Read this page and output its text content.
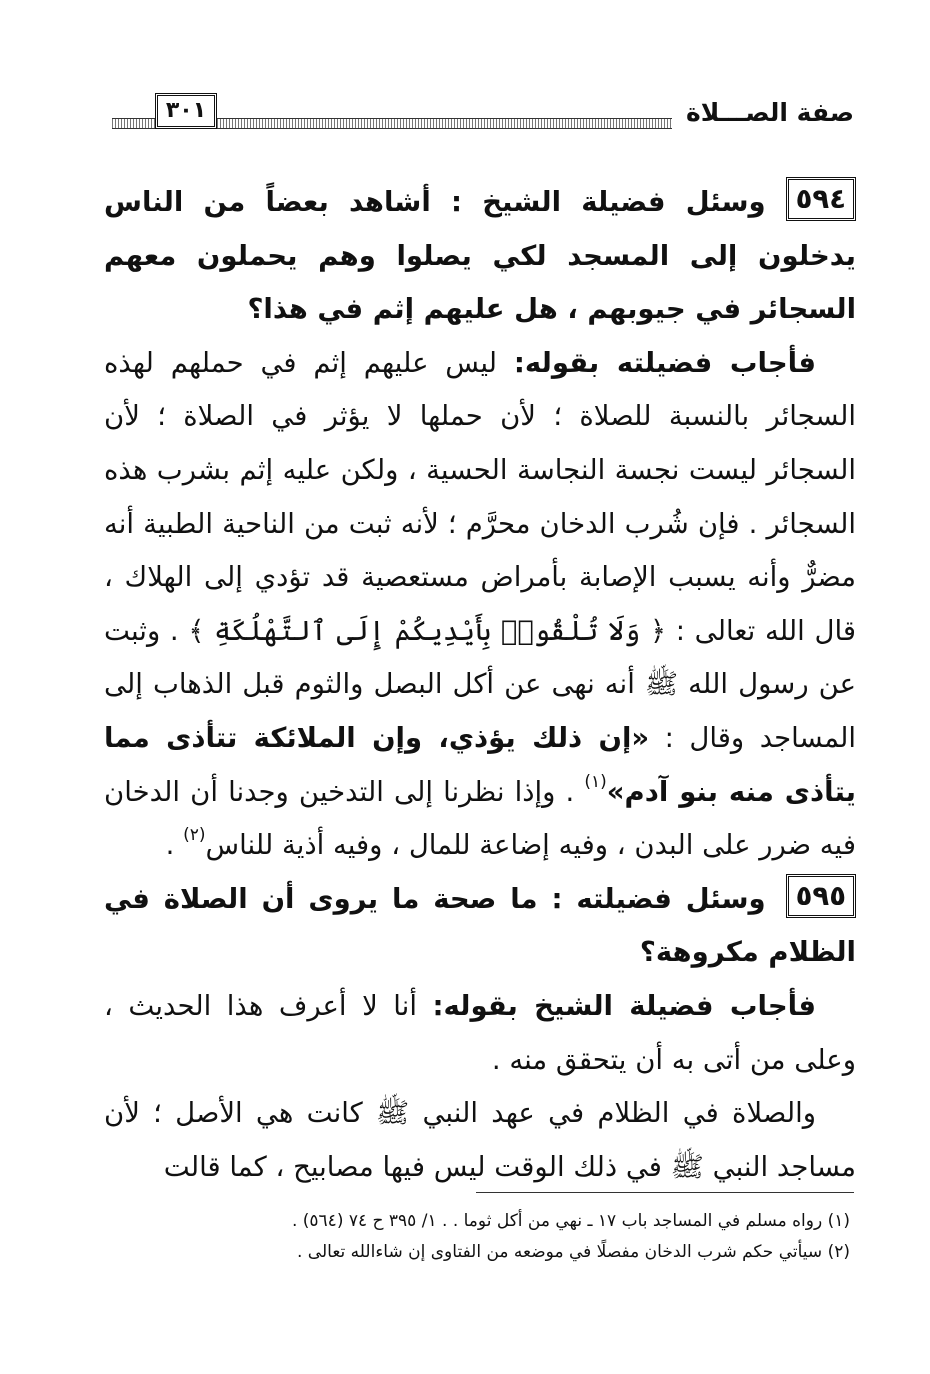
صفة الصـــلاة
٣٠١

٥٩٤وسئل فضيلة الشيخ : أشاهد بعضاً من الناس يدخلون إلى المسجد لكي يصلوا وهم يحملون معهم السجائر في جيوبهم ، هل عليهم إثم في هذا؟

فأجاب فضيلته بقوله: ليس عليهم إثم في حملهم لهذه السجائر بالنسبة للصلاة ؛ لأن حملها لا يؤثر في الصلاة ؛ لأن السجائر ليست نجسة النجاسة الحسية ، ولكن عليه إثم بشرب هذه السجائر . فإن شُرب الدخان محرَّم ؛ لأنه ثبت من الناحية الطبية أنه مضرٌّ وأنه يسبب الإصابة بأمراض مستعصية قد تؤدي إلى الهلاك ، قال الله تعالى : ﴿ وَلَا تُلْقُوا۟ بِأَيْدِيكُمْ إِلَى ٱلتَّهْلُكَةِ ﴾ . وثبت عن رسول الله ﷺ أنه نهى عن أكل البصل والثوم قبل الذهاب إلى المساجد وقال : «إن ذلك يؤذي، وإن الملائكة تتأذى مما يتأذى منه بنو آدم»$^{(١)}$ . وإذا نظرنا إلى التدخين وجدنا أن الدخان فيه ضرر على البدن ، وفيه إضاعة للمال ، وفيه أذية للناس$^{(٢)}$ .

٥٩٥وسئل فضيلته : ما صحة ما يروى أن الصلاة في الظلام مكروهة؟

فأجاب فضيلة الشيخ بقوله: أنا لا أعرف هذا الحديث ، وعلى من أتى به أن يتحقق منه .

والصلاة في الظلام في عهد النبي ﷺ كانت هي الأصل ؛ لأن مساجد النبي ﷺ في ذلك الوقت ليس فيها مصابيح ، كما قالت

(١) رواه مسلم في المساجد باب ١٧ ـ نهي من أكل ثوما . . ١/ ٣٩٥ ح ٧٤ (٥٦٤) .

(٢) سيأتي حكم شرب الدخان مفصلًا في موضعه من الفتاوى إن شاءالله تعالى .
